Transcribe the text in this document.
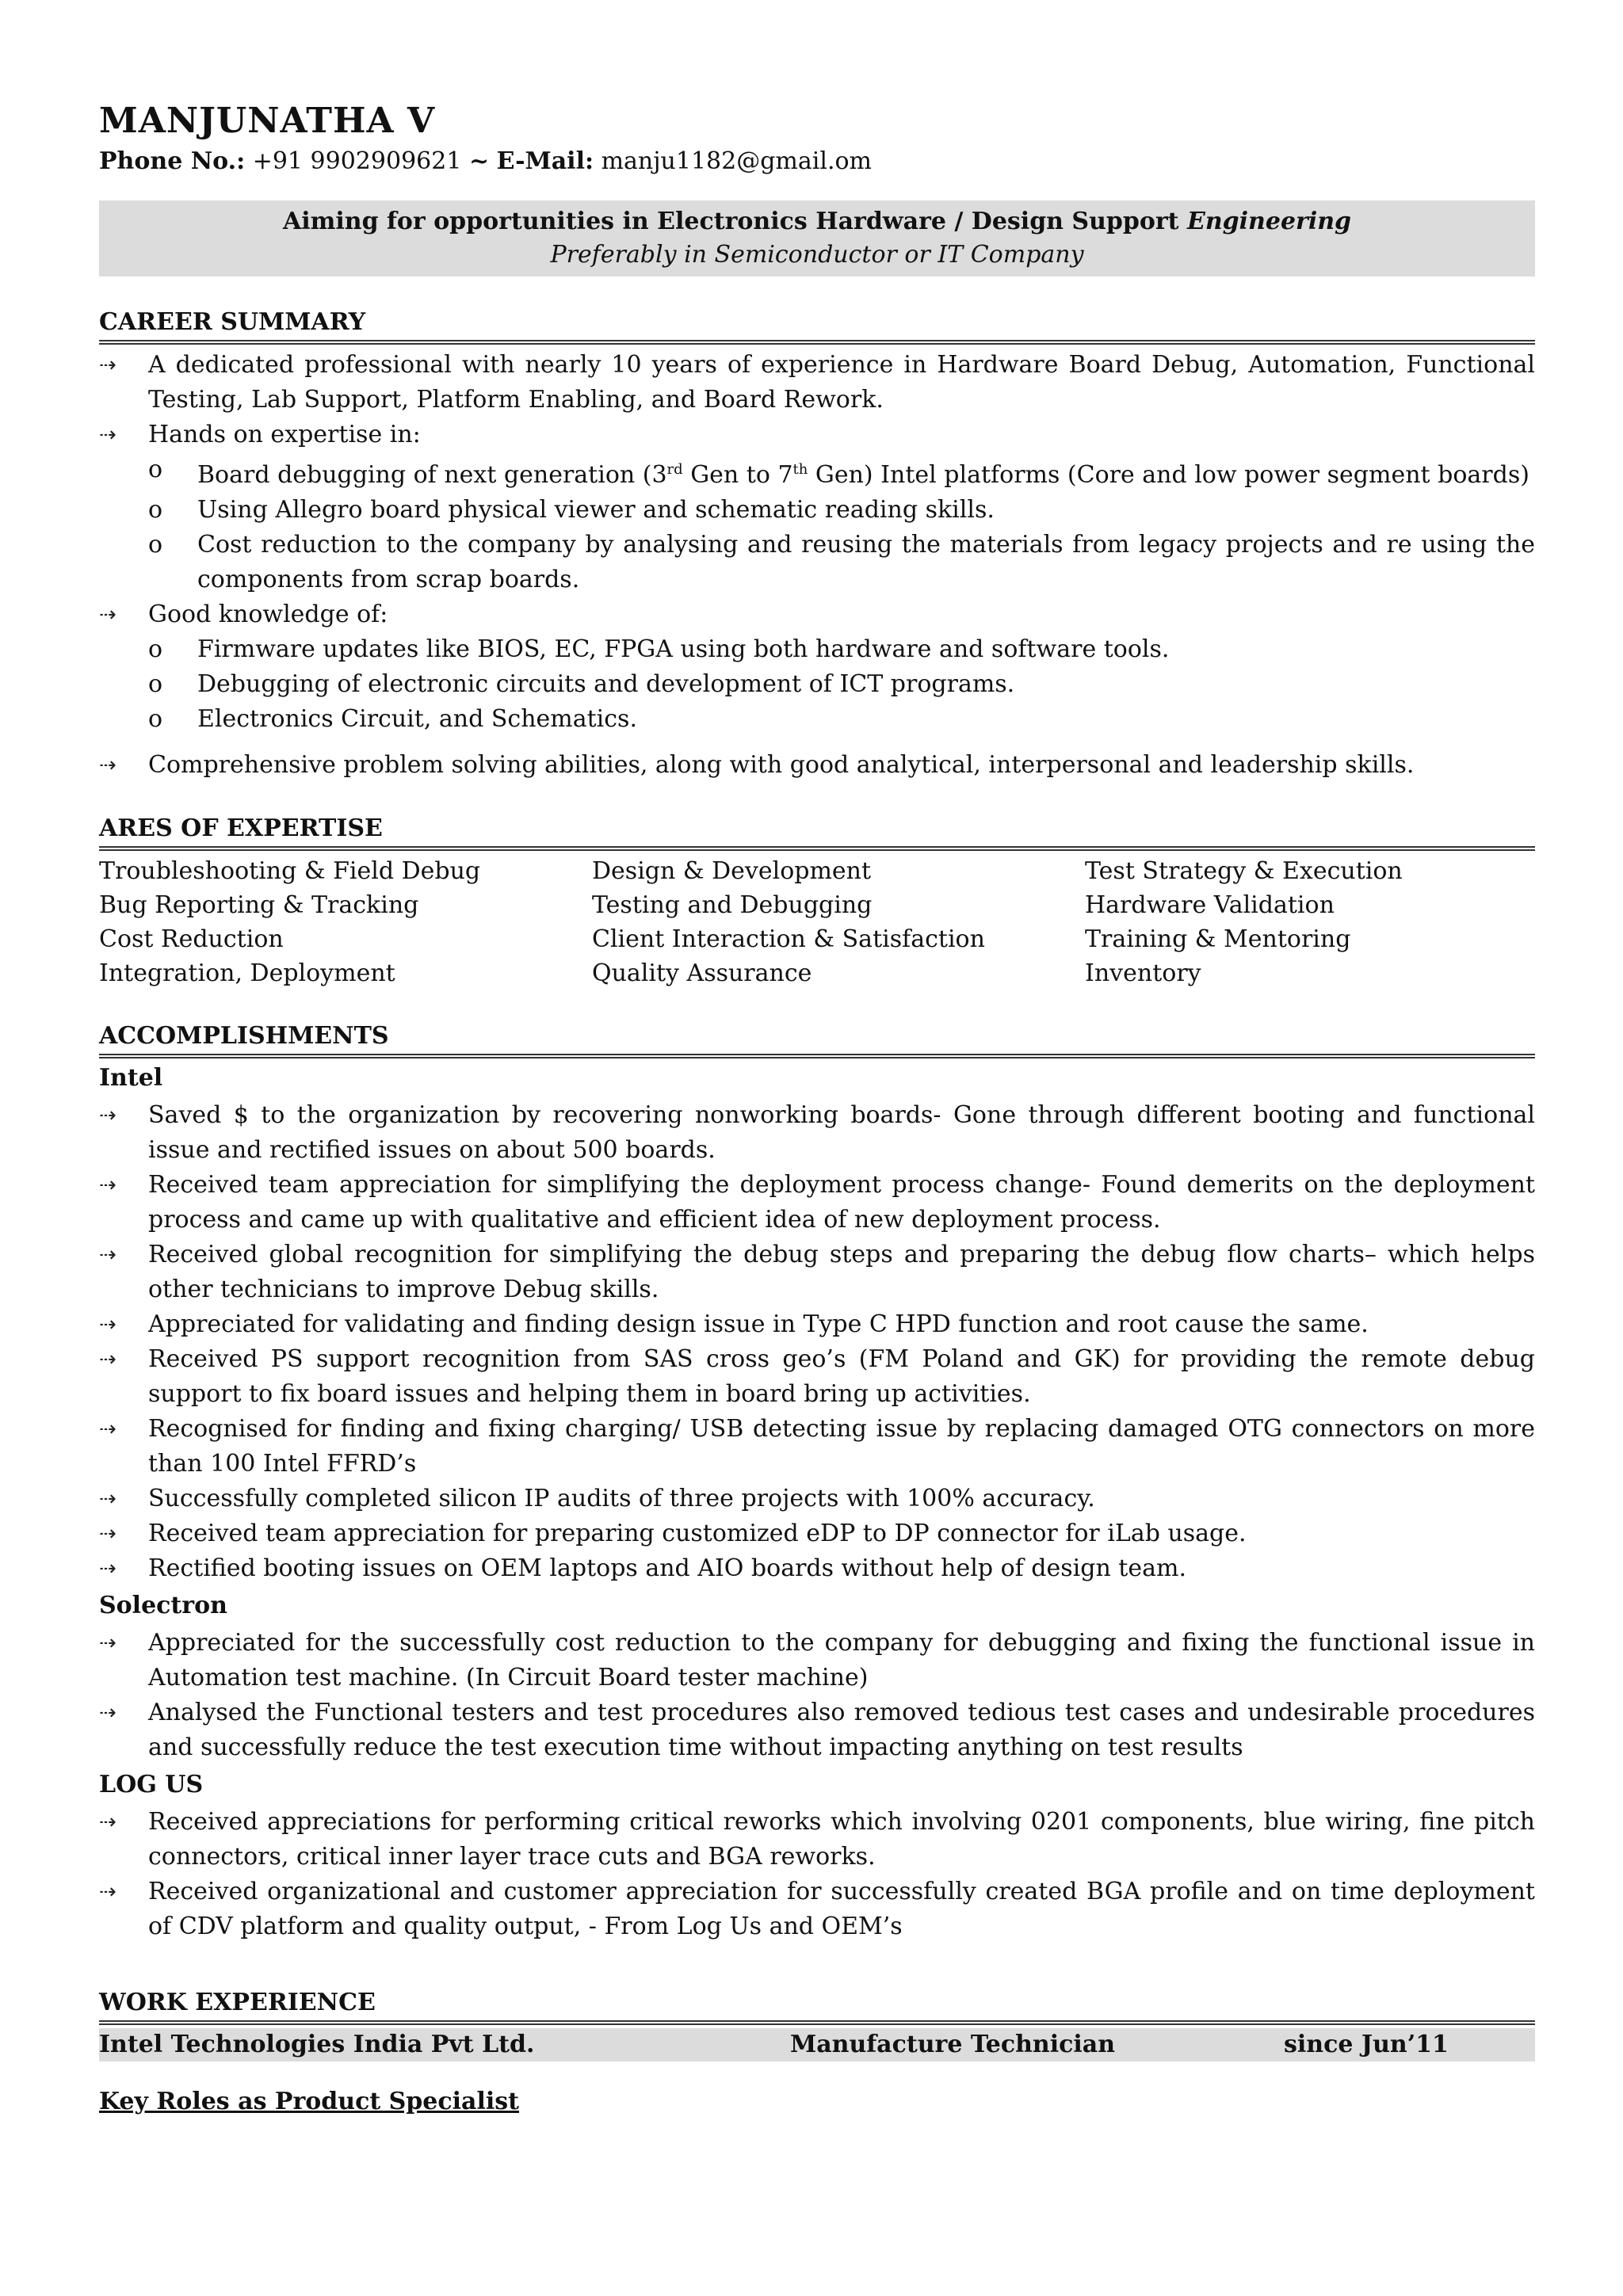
MANJUNATHA V
Phone No.: +91 9902909621 ~ E-Mail: manju1182@gmail.om
Aiming for opportunities in Electronics Hardware / Design Support Engineering
Preferably in Semiconductor or IT Company
CAREER SUMMARY
⇢	A dedicated professional with nearly 10 years of experience in Hardware Board Debug, Automation, Functional Testing, Lab Support, Platform Enabling, and Board Rework.
⇢	Hands on expertise in:
o Board debugging of next generation (3rd Gen to 7th Gen) Intel platforms (Core and low power segment boards)
o Using Allegro board physical viewer and schematic reading skills.
o Cost reduction to the company by analysing and reusing the materials from legacy projects and re using the components from scrap boards.
⇢	Good knowledge of:
o Firmware updates like BIOS, EC, FPGA using both hardware and software tools.
o Debugging of electronic circuits and development of ICT programs.
o Electronics Circuit, and Schematics.
⇢	Comprehensive problem solving abilities, along with good analytical, interpersonal and leadership skills.
ARES OF EXPERTISE
Troubleshooting & Field Debug	Design & Development	Test Strategy & Execution
Bug Reporting & Tracking	Testing and Debugging	Hardware Validation
Cost Reduction	Client Interaction & Satisfaction	Training & Mentoring
Integration, Deployment	Quality Assurance	Inventory
ACCOMPLISHMENTS
Intel
⇢	Saved $ to the organization by recovering nonworking boards- Gone through different booting and functional issue and rectified issues on about 500 boards.
⇢	Received team appreciation for simplifying the deployment process change- Found demerits on the deployment process and came up with qualitative and efficient idea of new deployment process.
⇢	Received global recognition for simplifying the debug steps and preparing the debug flow charts– which helps other technicians to improve Debug skills.
⇢	Appreciated for validating and finding design issue in Type C HPD function and root cause the same.
⇢	Received PS support recognition from SAS cross geo’s (FM Poland and GK) for providing the remote debug support to fix board issues and helping them in board bring up activities.
⇢	Recognised for finding and fixing charging/ USB detecting issue by replacing damaged OTG connectors on more than 100 Intel FFRD’s
⇢	Successfully completed silicon IP audits of three projects with 100% accuracy.
⇢	Received team appreciation for preparing customized eDP to DP connector for iLab usage.
⇢	Rectified booting issues on OEM laptops and AIO boards without help of design team.
Solectron
⇢	Appreciated for the successfully cost reduction to the company for debugging and fixing the functional issue in Automation test machine. (In Circuit Board tester machine)
⇢	Analysed the Functional testers and test procedures also removed tedious test cases and undesirable procedures and successfully reduce the test execution time without impacting anything on test results
LOG US
⇢	Received appreciations for performing critical reworks which involving 0201 components, blue wiring, fine pitch connectors, critical inner layer trace cuts and BGA reworks.
⇢	Received organizational and customer appreciation for successfully created BGA profile and on time deployment of CDV platform and quality output, - From Log Us and OEM’s
WORK EXPERIENCE
Intel Technologies India Pvt Ltd.	Manufacture Technician	since Jun’11
Key Roles as Product Specialist
